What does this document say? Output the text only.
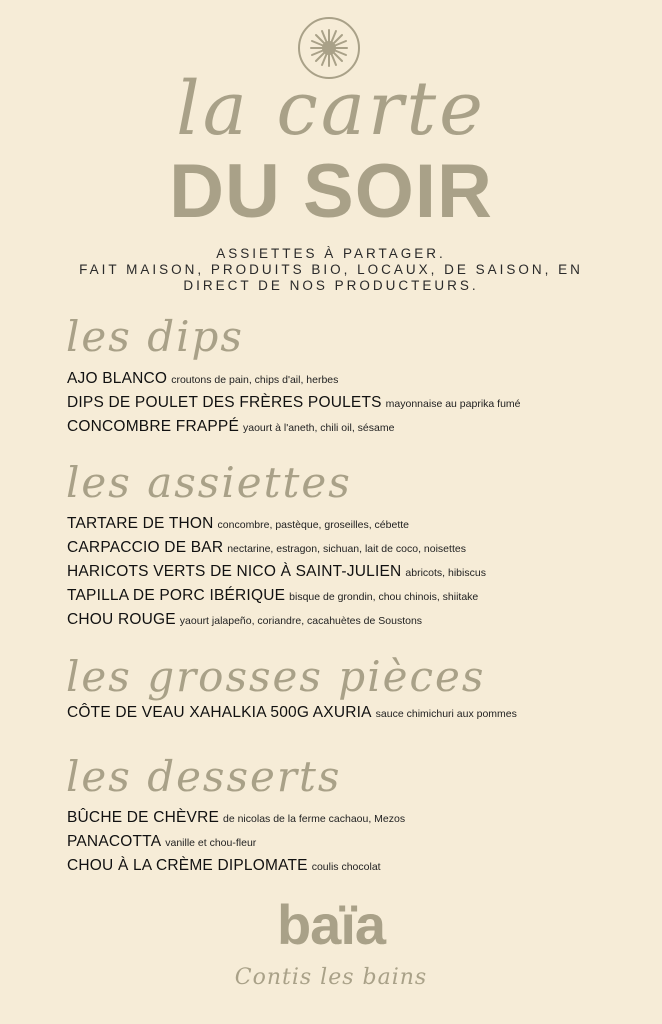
la carte
DU SOIR
ASSIETTES À PARTAGER.
FAIT MAISON, PRODUITS BIO, LOCAUX, DE SAISON, EN
DIRECT DE NOS PRODUCTEURS.
les dips
AJO BLANCO croutons de pain, chips d'ail, herbes
DIPS DE POULET DES FRÈRES POULETS mayonnaise au paprika fumé
CONCOMBRE FRAPPÉ yaourt à l'aneth, chili oil, sésame
les assiettes
TARTARE DE THON concombre, pastèque, groseilles, cébette
CARPACCIO DE BAR nectarine, estragon, sichuan, lait de coco, noisettes
HARICOTS VERTS DE NICO À SAINT-JULIEN abricots, hibiscus
TAPILLA DE PORC IBÉRIQUE bisque de grondin, chou chinois, shiitake
CHOU ROUGE yaourt jalapeño, coriandre, cacahuètes de Soustons
les grosses pièces
CÔTE DE VEAU XAHALKIA 500G AXURIA sauce chimichuri aux pommes
les desserts
BÛCHE DE CHÈVRE de nicolas de la ferme cachaou, Mezos
PANACOTTA vanille et chou-fleur
CHOU À LA CRÈME DIPLOMATE coulis chocolat
baïa
Contis les bains
